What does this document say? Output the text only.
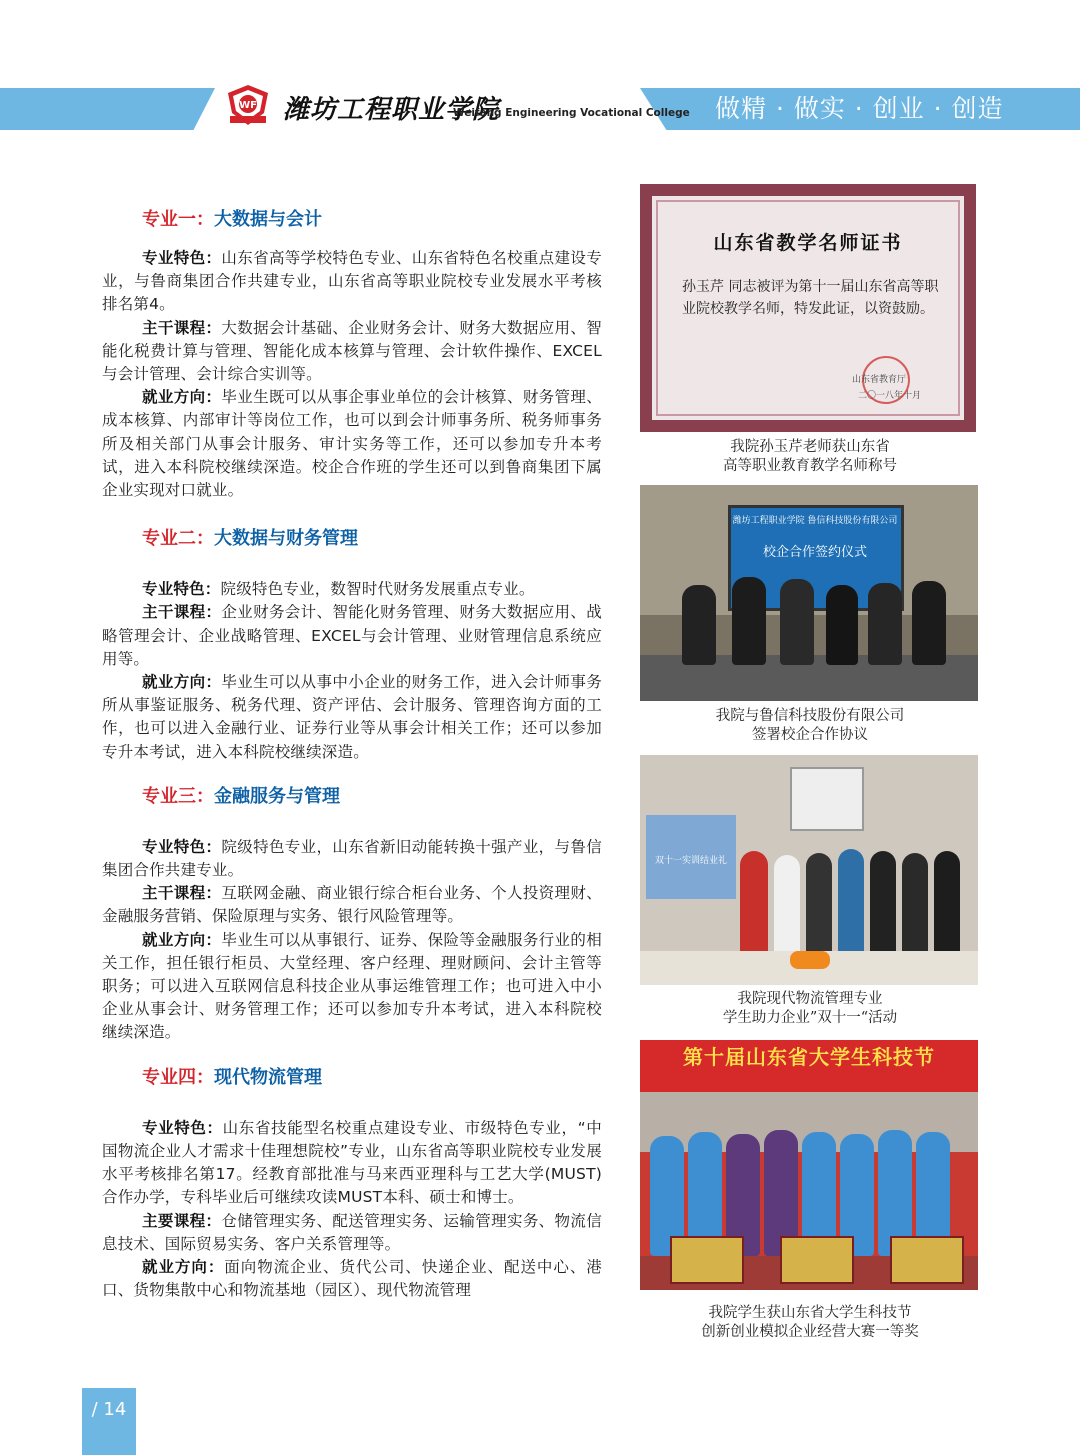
做精 · 做实 · 创业 · 创造
WF 潍坊工程职业学院
Weifang Engineering Vocational College
专业一：大数据与会计

专业特色：山东省高等学校特色专业、山东省特色名校重点建设专业，与鲁商集团合作共建专业，山东省高等职业院校专业发展水平考核排名第4。

主干课程：大数据会计基础、企业财务会计、财务大数据应用、智能化税费计算与管理、智能化成本核算与管理、会计软件操作、EXCEL与会计管理、会计综合实训等。

就业方向：毕业生既可以从事企事业单位的会计核算、财务管理、成本核算、内部审计等岗位工作，也可以到会计师事务所、税务师事务所及相关部门从事会计服务、审计实务等工作，还可以参加专升本考试，进入本科院校继续深造。校企合作班的学生还可以到鲁商集团下属企业实现对口就业。

专业二：大数据与财务管理

专业特色：院级特色专业，数智时代财务发展重点专业。

主干课程：企业财务会计、智能化财务管理、财务大数据应用、战略管理会计、企业战略管理、EXCEL与会计管理、业财管理信息系统应用等。

就业方向：毕业生可以从事中小企业的财务工作，进入会计师事务所从事鉴证服务、税务代理、资产评估、会计服务、管理咨询方面的工作，也可以进入金融行业、证券行业等从事会计相关工作；还可以参加专升本考试，进入本科院校继续深造。

专业三：金融服务与管理

专业特色：院级特色专业，山东省新旧动能转换十强产业，与鲁信集团合作共建专业。

主干课程：互联网金融、商业银行综合柜台业务、个人投资理财、金融服务营销、保险原理与实务、银行风险管理等。

就业方向：毕业生可以从事银行、证券、保险等金融服务行业的相关工作，担任银行柜员、大堂经理、客户经理、理财顾问、会计主管等职务；可以进入互联网信息科技企业从事运维管理工作；也可进入中小企业从事会计、财务管理工作；还可以参加专升本考试，进入本科院校继续深造。

专业四：现代物流管理

专业特色：山东省技能型名校重点建设专业、市级特色专业，“中国物流企业人才需求十佳理想院校”专业，山东省高等职业院校专业发展水平考核排名第17。经教育部批准与马来西亚理科与工艺大学(MUST)合作办学，专科毕业后可继续攻读MUST本科、硕士和博士。

主要课程：仓储管理实务、配送管理实务、运输管理实务、物流信息技术、国际贸易实务、客户关系管理等。

就业方向：面向物流企业、货代公司、快递企业、配送中心、港口、货物集散中心和物流基地（园区）、现代物流管理

山东省教学名师证书
孙玉芹 同志被评为第十一届山东省高等职业院校教学名师，特发此证，以资鼓励。
山东省教育厅
二〇一八年十月
我院孙玉芹老师获山东省
高等职业教育教学名师称号
潍坊工程职业学院 鲁信科技股份有限公司
校企合作签约仪式
我院与鲁信科技股份有限公司
签署校企合作协议
双十一实训结业礼
我院现代物流管理专业
学生助力企业”双十一“活动
第十届山东省大学生科技节
我院学生获山东省大学生科技节
创新创业模拟企业经营大赛一等奖
/ 14
